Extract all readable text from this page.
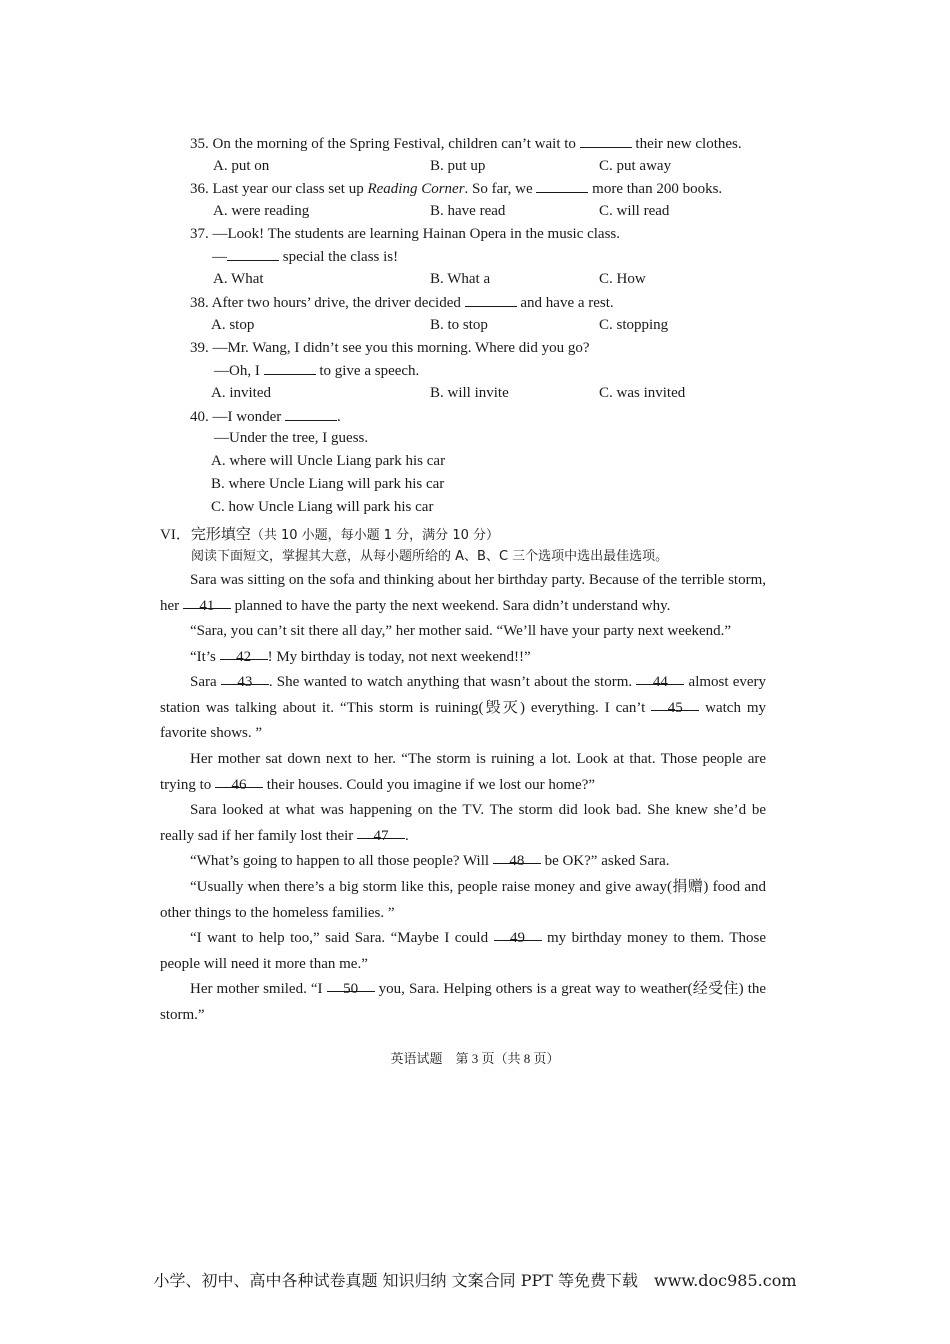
35. On the morning of the Spring Festival, children can’t wait to	their new clothes.
A. put on	B. put up	C. put away
36. Last year our class set up Reading Corner. So far, we	more than 200 books.
A. were reading	B. have read	C. will read
37. —Look! The students are learning Hainan Opera in the music class.
—	special the class is!
A. What	B. What a	C. How
38. After two hours’ drive, the driver decided	and have a rest.
A. stop	B. to stop	C. stopping
39. —Mr. Wang, I didn’t see you this morning. Where did you go?
—Oh, I	to give a speech.
A. invited	B. will invite	C. was invited
40. —I wonder	.
—Under the tree, I guess.
A. where will Uncle Liang park his car
B. where Uncle Liang will park his car
C. how Uncle Liang will park his car
VI．完形填空（共 10 小题，每小题 1 分，满分 10 分）
阅读下面短文，掌握其大意，从每小题所给的 A、B、C 三个选项中选出最佳选项。
Sara was sitting on the sofa and thinking about her birthday party. Because of the terrible storm, her 41 planned to have the party the next weekend. Sara didn’t understand why.
“Sara, you can’t sit there all day,” her mother said. “We’ll have your party next weekend.”
“It’s 42 ! My birthday is today, not next weekend!!”
Sara 43 . She wanted to watch anything that wasn’t about the storm. 44 almost every station was talking about it. “This storm is ruining(毁灭) everything. I can’t 45 watch my favorite shows. ”
Her mother sat down next to her. “The storm is ruining a lot. Look at that. Those people are trying to 46 their houses. Could you imagine if we lost our home?”
Sara looked at what was happening on the TV. The storm did look bad. She knew she’d be really sad if her family lost their 47 .
“What’s going to happen to all those people? Will 48 be OK?” asked Sara.
“Usually when there’s a big storm like this, people raise money and give away(捐赠) food and other things to the homeless families. ”
“I want to help too,” said Sara. “Maybe I could 49 my birthday money to them. Those people will need it more than me.”
Her mother smiled. “I 50 you, Sara. Helping others is a great way to weather(经受住) the storm.”
英语试题　第 3 页（共 8 页）
小学、初中、高中各种试卷真题 知识归纳 文案合同 PPT 等免费下载　www.doc985.com
